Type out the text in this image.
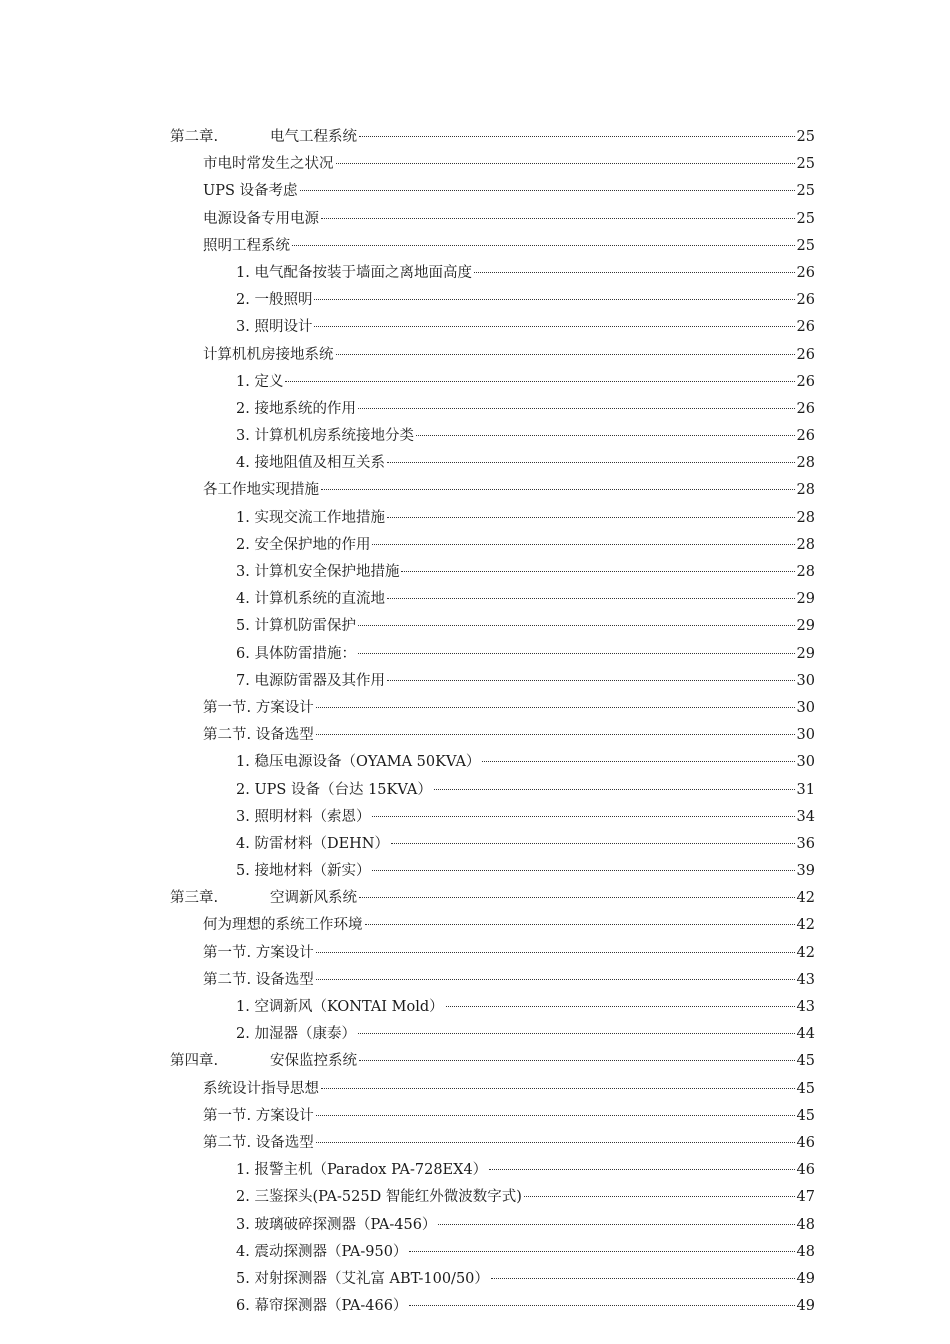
第二章.	电气工程系统	25
市电时常发生之状况	25
UPS 设备考虑	25
电源设备专用电源	25
照明工程系统	25
1. 电气配备按装于墙面之离地面高度	26
2. 一般照明	26
3. 照明设计	26
计算机机房接地系统	26
1. 定义	26
2. 接地系统的作用	26
3. 计算机机房系统接地分类	26
4. 接地阻值及相互关系	28
各工作地实现措施	28
1. 实现交流工作地措施	28
2. 安全保护地的作用	28
3. 计算机安全保护地措施	28
4. 计算机系统的直流地	29
5. 计算机防雷保护	29
6. 具体防雷措施：	29
7. 电源防雷器及其作用	30
第一节. 方案设计	30
第二节. 设备选型	30
1. 稳压电源设备（OYAMA 50KVA）	30
2. UPS 设备（台达 15KVA）	31
3. 照明材料（索恩）	34
4. 防雷材料（DEHN）	36
5. 接地材料（新实）	39
第三章.	空调新风系统	42
何为理想的系统工作环境	42
第一节. 方案设计	42
第二节. 设备选型	43
1. 空调新风（KONTAI Mold）	43
2. 加湿器（康泰）	44
第四章.	安保监控系统	45
系统设计指导思想	45
第一节. 方案设计	45
第二节. 设备选型	46
1. 报警主机（Paradox PA-728EX4）	46
2. 三鉴探头(PA-525D 智能红外微波数字式)	47
3. 玻璃破碎探测器（PA-456）	48
4. 震动探测器（PA-950）	48
5. 对射探测器（艾礼富 ABT-100/50）	49
6. 幕帘探测器（PA-466）	49
